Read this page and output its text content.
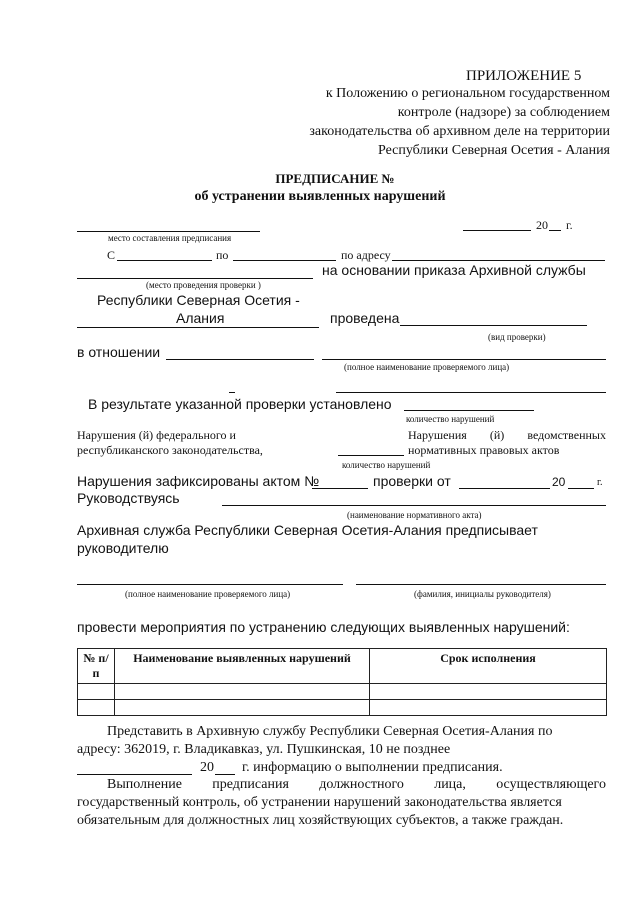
ПРИЛОЖЕНИЕ 5
к Положению о региональном государственном
контроле (надзоре) за соблюдением
законодательства об архивном деле на территории
Республики Северная Осетия - Алания
ПРЕДПИСАНИЕ №
об устранении выявленных нарушений
20 г.
место составления предписания
С	по	по адресу
(место проведения проверки )
на основании приказа Архивной службы
Республики Северная Осетия -
Алания	проведена
(вид проверки)
в отношении
(полное наименование проверяемого лица)
В результате указанной проверки установлено
количество нарушений
Нарушения (й) федерального и
республиканского законодательства,
Нарушения (й) ведомственных
нормативных правовых актов
количество нарушений
Нарушения зафиксированы актом №	проверки от	20	г.
Руководствуясь
(наименование нормативного акта)
Архивная служба Республики Северная Осетия-Алания предписывает
руководителю
(полное наименование проверяемого лица)	(фамилия, инициалы руководителя)
провести мероприятия по устранению следующих выявленных нарушений:
№ п/п	Наименование выявленных нарушений	Срок исполнения

Представить в Архивную службу Республики Северная Осетия-Алания по
адресу: 362019, г. Владикавказ, ул. Пушкинская, 10 не позднее
20 г. информацию о выполнении предписания.
Выполнение предписания должностного лица, осуществляющего
государственный контроль, об устранении нарушений законодательства является
обязательным для должностных лиц хозяйствующих субъектов, а также граждан.
